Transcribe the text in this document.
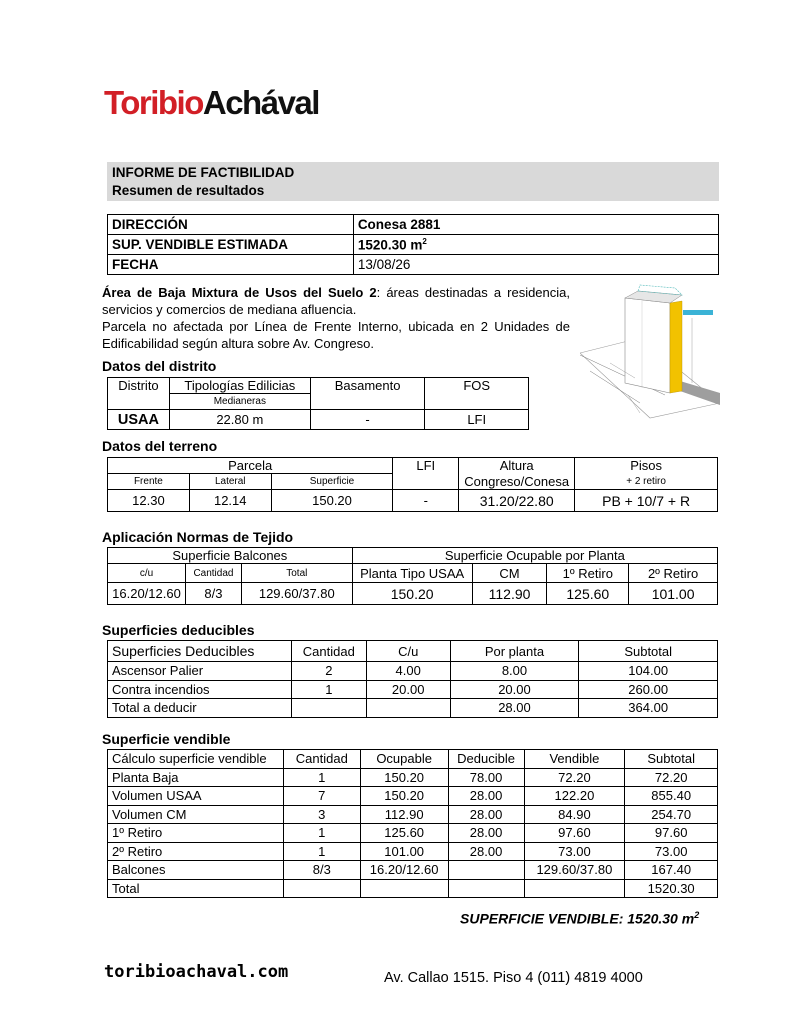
ToribioAchával
INFORME DE FACTIBILIDAD
Resumen de resultados
DIRECCIÓN	Conesa 2881
SUP. VENDIBLE ESTIMADA	1520.30 $m^2$
FECHA	13/08/26

Área de Baja Mixtura de Usos del Suelo 2: áreas destinadas a residencia, servicios y comercios de mediana afluencia.

Parcela no afectada por Línea de Frente Interno, ubicada en 2 Unidades de Edificabilidad según altura sobre Av. Congreso.

Datos del distrito
Distrito	Tipologías Edilicias	Basamento	FOS
	Medianeras		
USAA	22.80 m	-	LFI
Datos del terreno
Parcela			LFI	Altura	Pisos
Frente	Lateral	Superficie		Congreso/Conesa	+ 2 retiro
12.30	12.14	150.20	-	31.20/22.80	PB + 10/7 + R
Aplicación Normas de Tejido
Superficie Balcones			Superficie Ocupable por Planta			
c/u	Cantidad	Total	Planta Tipo USAA	CM	1º Retiro	2º Retiro
16.20/12.60	8/3	129.60/37.80	150.20	112.90	125.60	101.00
Superficies deducibles
Superficies Deducibles	Cantidad	C/u	Por planta	Subtotal
Ascensor Palier	2	4.00	8.00	104.00
Contra incendios	1	20.00	20.00	260.00
Total a deducir			28.00	364.00
Superficie vendible
Cálculo superficie vendible	Cantidad	Ocupable	Deducible	Vendible	Subtotal
Planta Baja	1	150.20	78.00	72.20	72.20
Volumen USAA	7	150.20	28.00	122.20	855.40
Volumen CM	3	112.90	28.00	84.90	254.70
1º Retiro	1	125.60	28.00	97.60	97.60
2º Retiro	1	101.00	28.00	73.00	73.00
Balcones	8/3	16.20/12.60		129.60/37.80	167.40
Total					1520.30
SUPERFICIE VENDIBLE: 1520.30 $m^2$
toribioachaval.com	Av. Callao 1515. Piso 4 (011) 4819 4000
